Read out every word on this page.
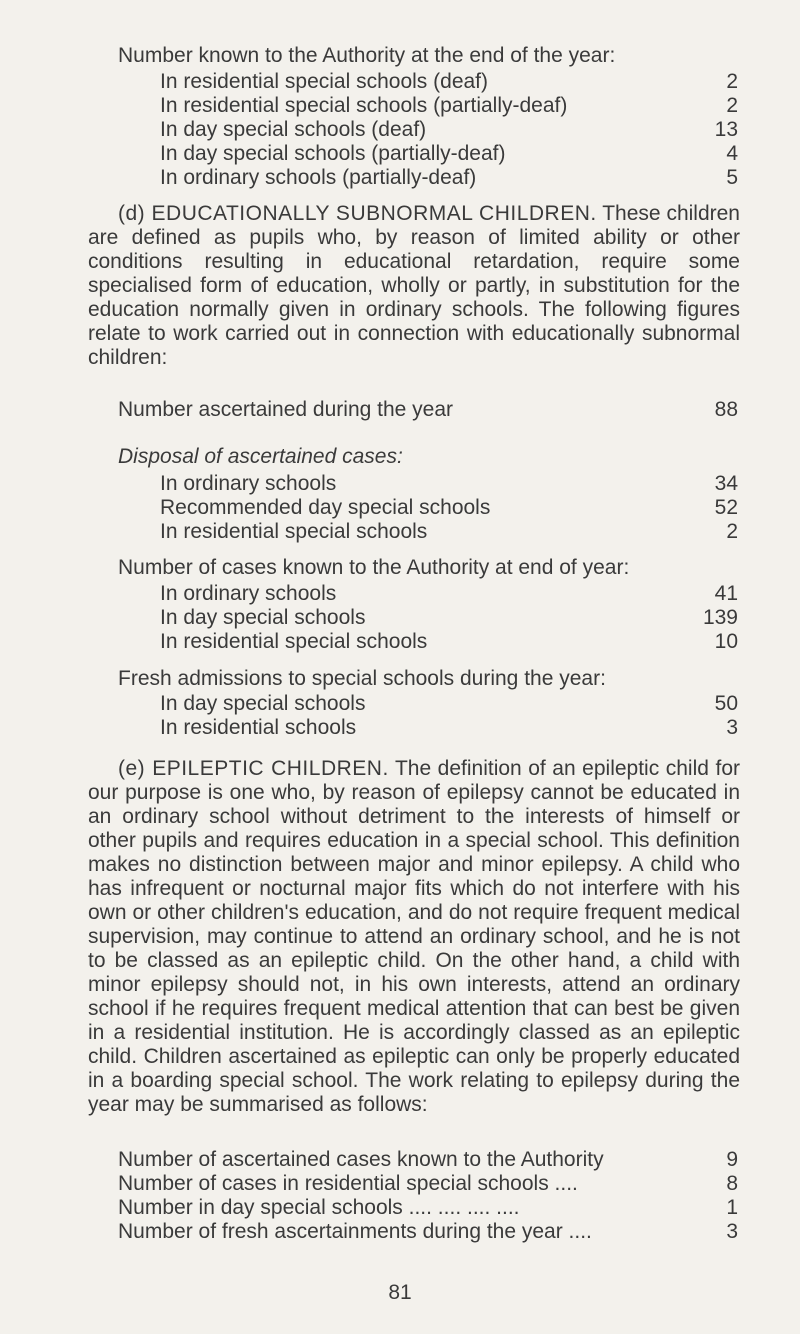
Number known to the Authority at the end of the year:
In residential special schools (deaf)	2
In residential special schools (partially-deaf)	2
In day special schools (deaf)	13
In day special schools (partially-deaf)	4
In ordinary schools (partially-deaf)	5
(d) EDUCATIONALLY SUBNORMAL CHILDREN. These children are defined as pupils who, by reason of limited ability or other conditions resulting in educational retardation, require some specialised form of education, wholly or partly, in substitution for the education normally given in ordinary schools. The following figures relate to work carried out in connection with educationally subnormal children:
Number ascertained during the year	88
Disposal of ascertained cases:
In ordinary schools	34
Recommended day special schools	52
In residential special schools	2
Number of cases known to the Authority at end of year:
In ordinary schools	41
In day special schools	139
In residential special schools	10
Fresh admissions to special schools during the year:
In day special schools	50
In residential schools	3
(e) EPILEPTIC CHILDREN. The definition of an epileptic child for our purpose is one who, by reason of epilepsy cannot be educated in an ordinary school without detriment to the interests of himself or other pupils and requires education in a special school. This definition makes no distinction between major and minor epilepsy. A child who has infrequent or nocturnal major fits which do not interfere with his own or other children's education, and do not require frequent medical supervision, may continue to attend an ordinary school, and he is not to be classed as an epileptic child. On the other hand, a child with minor epilepsy should not, in his own interests, attend an ordinary school if he requires frequent medical attention that can best be given in a residential institution. He is accordingly classed as an epileptic child. Children ascertained as epileptic can only be properly educated in a boarding special school. The work relating to epilepsy during the year may be summarised as follows:
Number of ascertained cases known to the Authority	9
Number of cases in residential special schools ....	8
Number in day special schools .... .... .... ....	1
Number of fresh ascertainments during the year ....	3
81
